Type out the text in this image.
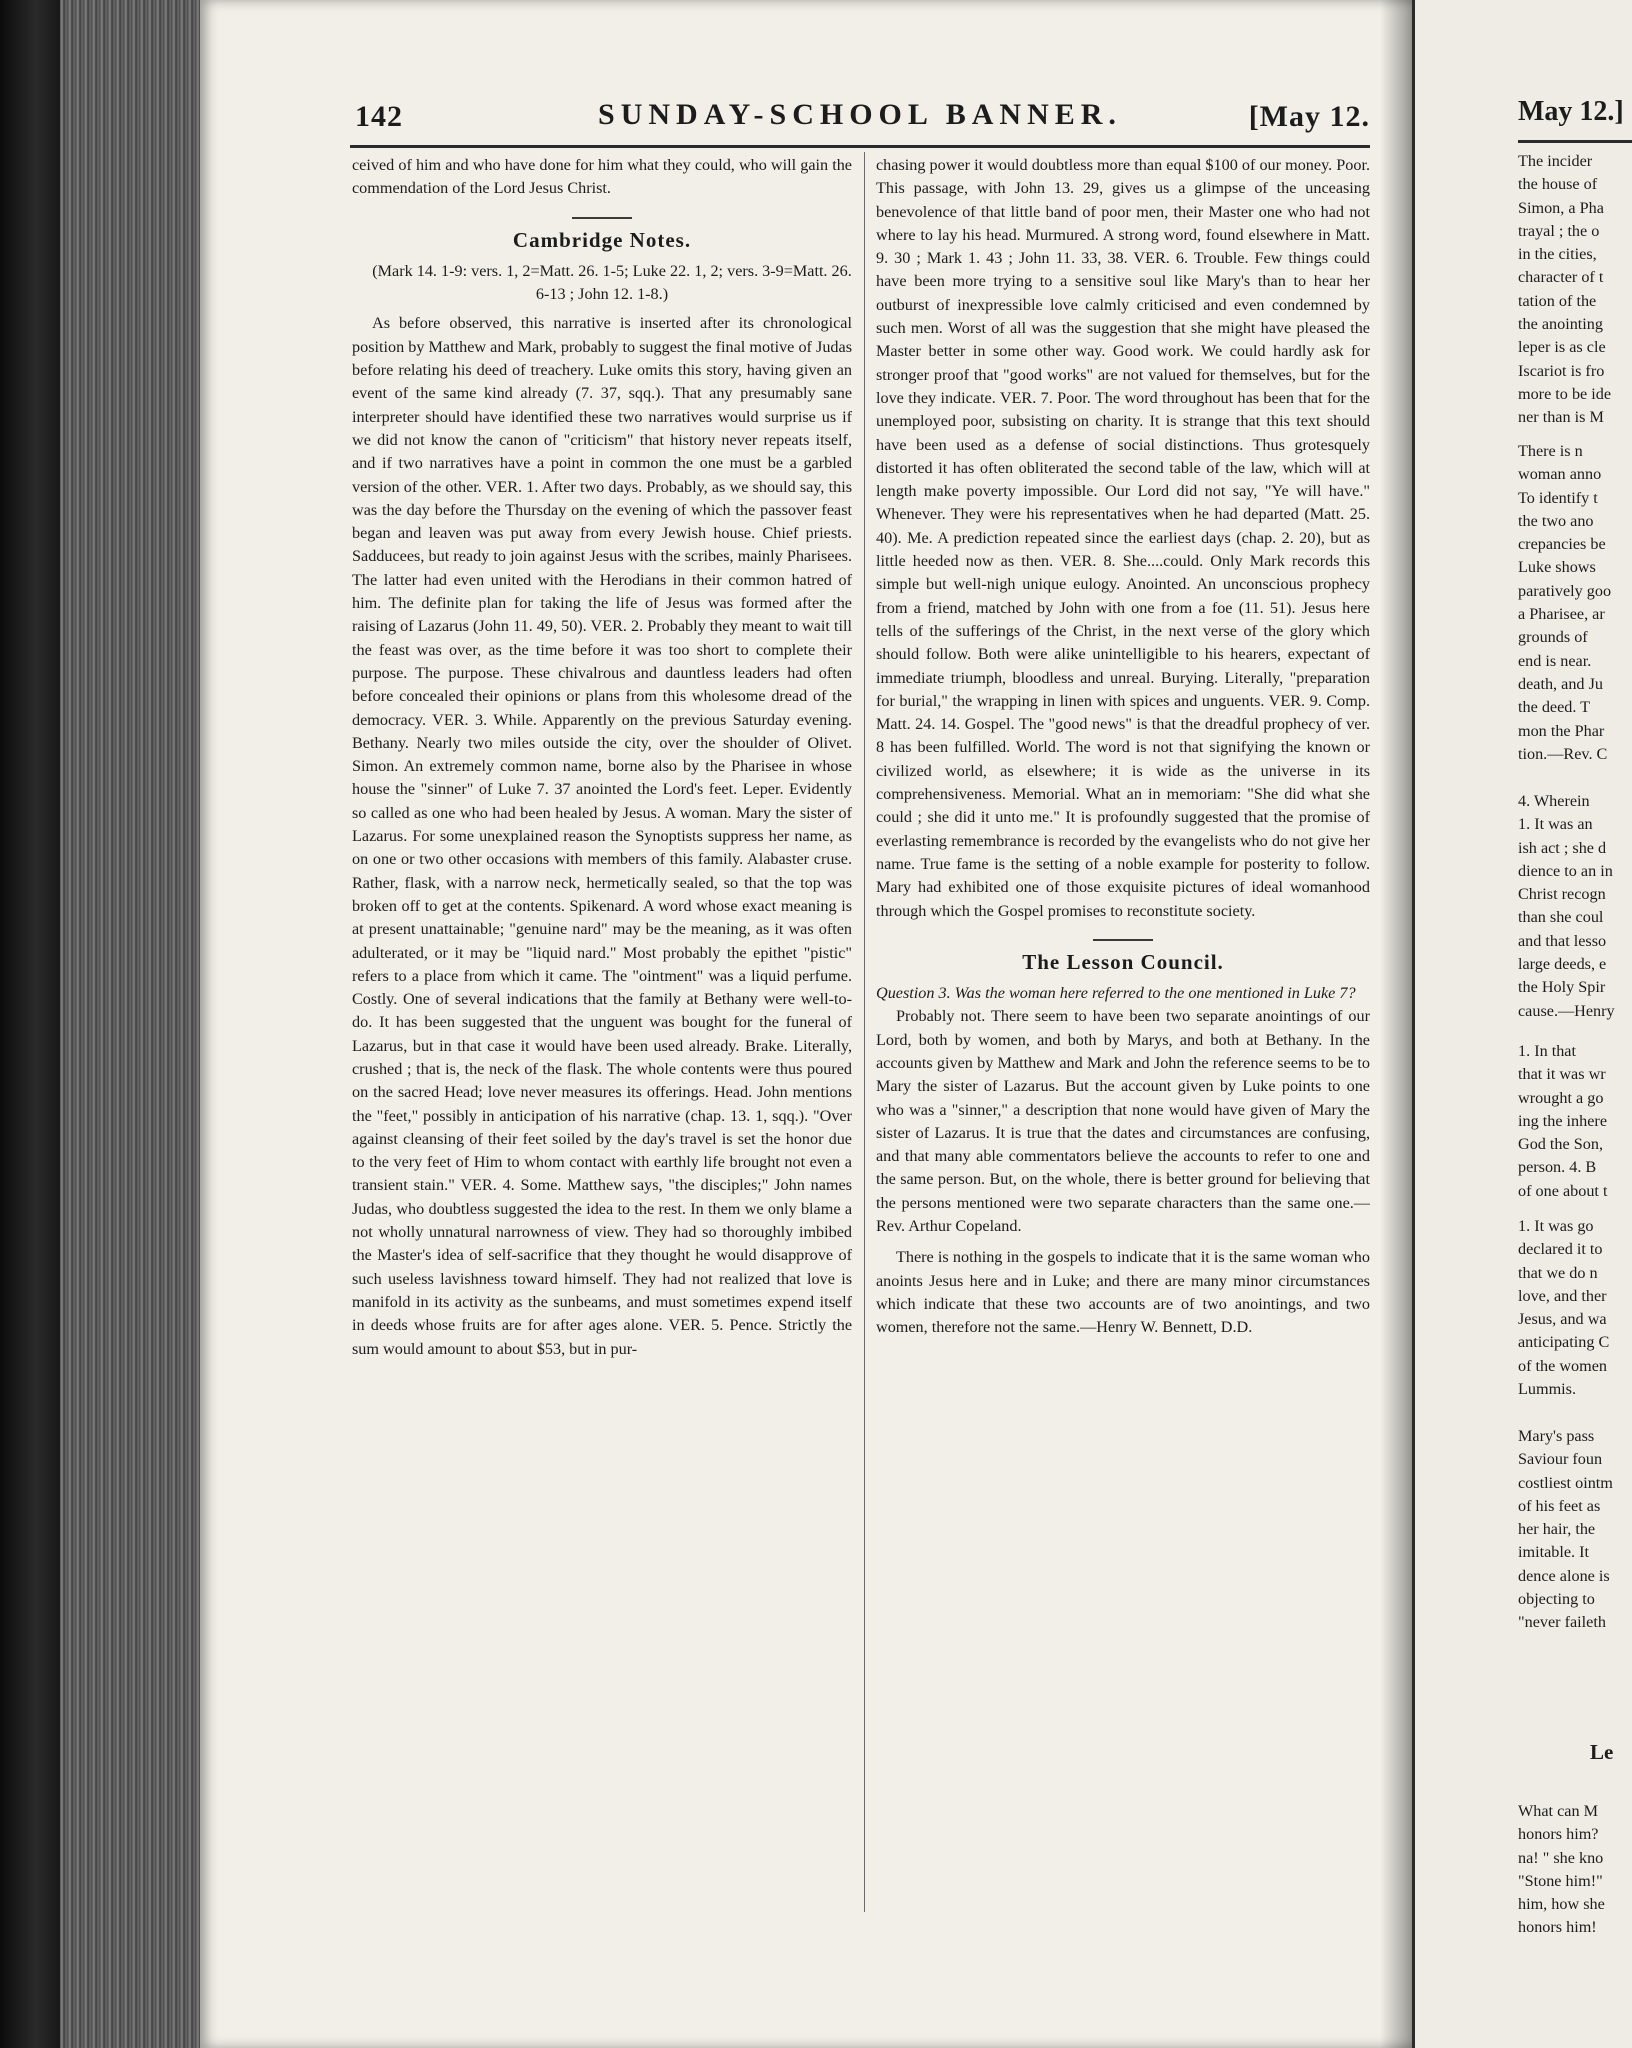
142	SUNDAY-SCHOOL BANNER.	[May 12.

ceived of him and who have done for him what they could, who will gain the commendation of the Lord Jesus Christ.

Cambridge Notes.

(Mark 14. 1-9: vers. 1, 2=Matt. 26. 1-5; Luke 22. 1, 2; vers. 3-9=Matt. 26. 6-13 ; John 12. 1-8.)

As before observed, this narrative is inserted after its chronological position by Matthew and Mark, probably to suggest the final motive of Judas before relating his deed of treachery. Luke omits this story, having given an event of the same kind already (7. 37, sqq.). That any presumably sane interpreter should have identified these two narratives would surprise us if we did not know the canon of "criticism" that history never repeats itself, and if two narratives have a point in common the one must be a garbled version of the other. VER. 1. After two days. Probably, as we should say, this was the day before the Thursday on the evening of which the passover feast began and leaven was put away from every Jewish house. Chief priests. Sadducees, but ready to join against Jesus with the scribes, mainly Pharisees. The latter had even united with the Herodians in their common hatred of him. The definite plan for taking the life of Jesus was formed after the raising of Lazarus (John 11. 49, 50). VER. 2. Probably they meant to wait till the feast was over, as the time before it was too short to complete their purpose. The purpose. These chivalrous and dauntless leaders had often before concealed their opinions or plans from this wholesome dread of the democracy. VER. 3. While. Apparently on the previous Saturday evening. Bethany. Nearly two miles outside the city, over the shoulder of Olivet. Simon. An extremely common name, borne also by the Pharisee in whose house the "sinner" of Luke 7. 37 anointed the Lord's feet. Leper. Evidently so called as one who had been healed by Jesus. A woman. Mary the sister of Lazarus. For some unexplained reason the Synoptists suppress her name, as on one or two other occasions with members of this family. Alabaster cruse. Rather, flask, with a narrow neck, hermetically sealed, so that the top was broken off to get at the contents. Spikenard. A word whose exact meaning is at present unattainable; "genuine nard" may be the meaning, as it was often adulterated, or it may be "liquid nard." Most probably the epithet "pistic" refers to a place from which it came. The "ointment" was a liquid perfume. Costly. One of several indications that the family at Bethany were well-to-do. It has been suggested that the unguent was bought for the funeral of Lazarus, but in that case it would have been used already. Brake. Literally, crushed ; that is, the neck of the flask. The whole contents were thus poured on the sacred Head; love never measures its offerings. Head. John mentions the "feet," possibly in anticipation of his narrative (chap. 13. 1, sqq.). "Over against cleansing of their feet soiled by the day's travel is set the honor due to the very feet of Him to whom contact with earthly life brought not even a transient stain." VER. 4. Some. Matthew says, "the disciples;" John names Judas, who doubtless suggested the idea to the rest. In them we only blame a not wholly unnatural narrowness of view. They had so thoroughly imbibed the Master's idea of self-sacrifice that they thought he would disapprove of such useless lavishness toward himself. They had not realized that love is manifold in its activity as the sunbeams, and must sometimes expend itself in deeds whose fruits are for after ages alone. VER. 5. Pence. Strictly the sum would amount to about $53, but in pur-

chasing power it would doubtless more than equal $100 of our money. Poor. This passage, with John 13. 29, gives us a glimpse of the unceasing benevolence of that little band of poor men, their Master one who had not where to lay his head. Murmured. A strong word, found elsewhere in Matt. 9. 30 ; Mark 1. 43 ; John 11. 33, 38. VER. 6. Trouble. Few things could have been more trying to a sensitive soul like Mary's than to hear her outburst of inexpressible love calmly criticised and even condemned by such men. Worst of all was the suggestion that she might have pleased the Master better in some other way. Good work. We could hardly ask for stronger proof that "good works" are not valued for themselves, but for the love they indicate. VER. 7. Poor. The word throughout has been that for the unemployed poor, subsisting on charity. It is strange that this text should have been used as a defense of social distinctions. Thus grotesquely distorted it has often obliterated the second table of the law, which will at length make poverty impossible. Our Lord did not say, "Ye will have." Whenever. They were his representatives when he had departed (Matt. 25. 40). Me. A prediction repeated since the earliest days (chap. 2. 20), but as little heeded now as then. VER. 8. She....could. Only Mark records this simple but well-nigh unique eulogy. Anointed. An unconscious prophecy from a friend, matched by John with one from a foe (11. 51). Jesus here tells of the sufferings of the Christ, in the next verse of the glory which should follow. Both were alike unintelligible to his hearers, expectant of immediate triumph, bloodless and unreal. Burying. Literally, "preparation for burial," the wrapping in linen with spices and unguents. VER. 9. Comp. Matt. 24. 14. Gospel. The "good news" is that the dreadful prophecy of ver. 8 has been fulfilled. World. The word is not that signifying the known or civilized world, as elsewhere; it is wide as the universe in its comprehensiveness. Memorial. What an in memoriam: "She did what she could ; she did it unto me." It is profoundly suggested that the promise of everlasting remembrance is recorded by the evangelists who do not give her name. True fame is the setting of a noble example for posterity to follow. Mary had exhibited one of those exquisite pictures of ideal womanhood through which the Gospel promises to reconstitute society.

The Lesson Council.

Question 3. Was the woman here referred to the one mentioned in Luke 7?

Probably not. There seem to have been two separate anointings of our Lord, both by women, and both by Marys, and both at Bethany. In the accounts given by Matthew and Mark and John the reference seems to be to Mary the sister of Lazarus. But the account given by Luke points to one who was a "sinner," a description that none would have given of Mary the sister of Lazarus. It is true that the dates and circumstances are confusing, and that many able commentators believe the accounts to refer to one and the same person. But, on the whole, there is better ground for believing that the persons mentioned were two separate characters than the same one.—Rev. Arthur Copeland.

There is nothing in the gospels to indicate that it is the same woman who anoints Jesus here and in Luke; and there are many minor circumstances which indicate that these two accounts are of two anointings, and two women, therefore not the same.—Henry W. Bennett, D.D.

May 12.]
The incider
the house of
Simon, a Pha
trayal ; the o
in the cities,
character of t
tation of the
the anointing
leper is as cle
Iscariot is fro
more to be ide
ner than is M
There is n
woman anno
To identify t
the two ano
crepancies be
Luke shows
paratively goo
a Pharisee, ar
grounds of
end is near.
death, and Ju
the deed. T
mon the Phar
tion.—Rev. C
4. Wherein
1. It was an
ish act ; she d
dience to an in
Christ recogn
than she coul
and that lesso
large deeds, e
the Holy Spir
cause.—Henry
1. In that
that it was wr
wrought a go
ing the inhere
God the Son,
person. 4. B
of one about t
1. It was go
declared it to
that we do n
love, and ther
Jesus, and wa
anticipating C
of the women
Lummis.
Mary's pass
Saviour foun
costliest ointm
of his feet as
her hair, the
imitable. It
dence alone is
objecting to
"never faileth
Le
What can M
honors him?
na! " she kno
"Stone him!"
him, how she
honors him!
